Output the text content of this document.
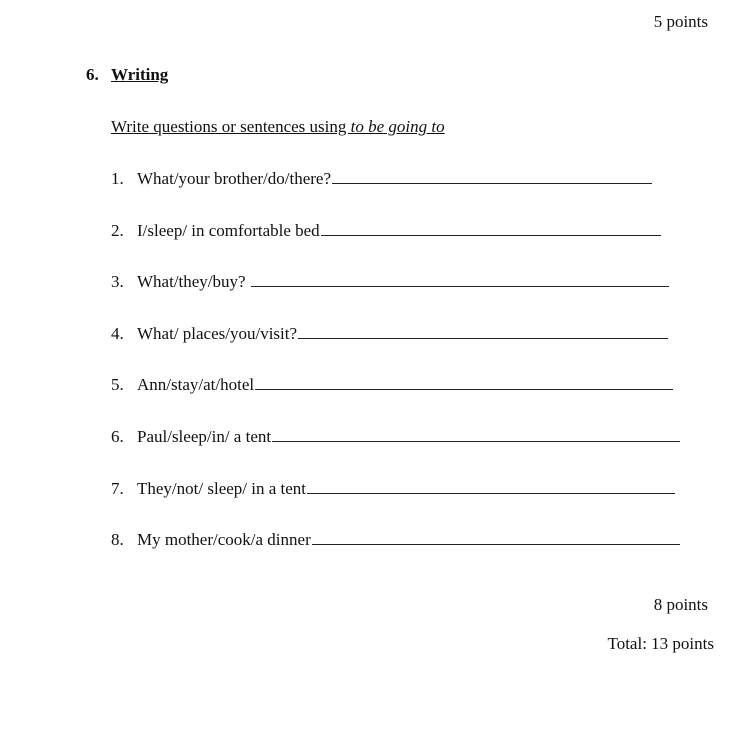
5 points
6. Writing
Write questions or sentences using to be going to
1. What/your brother/do/there?
2. I/sleep/ in comfortable bed
3. What/they/buy?
4. What/ places/you/visit?
5. Ann/stay/at/hotel
6. Paul/sleep/in/ a tent
7. They/not/ sleep/ in a tent
8. My mother/cook/a dinner
8 points
Total: 13 points
